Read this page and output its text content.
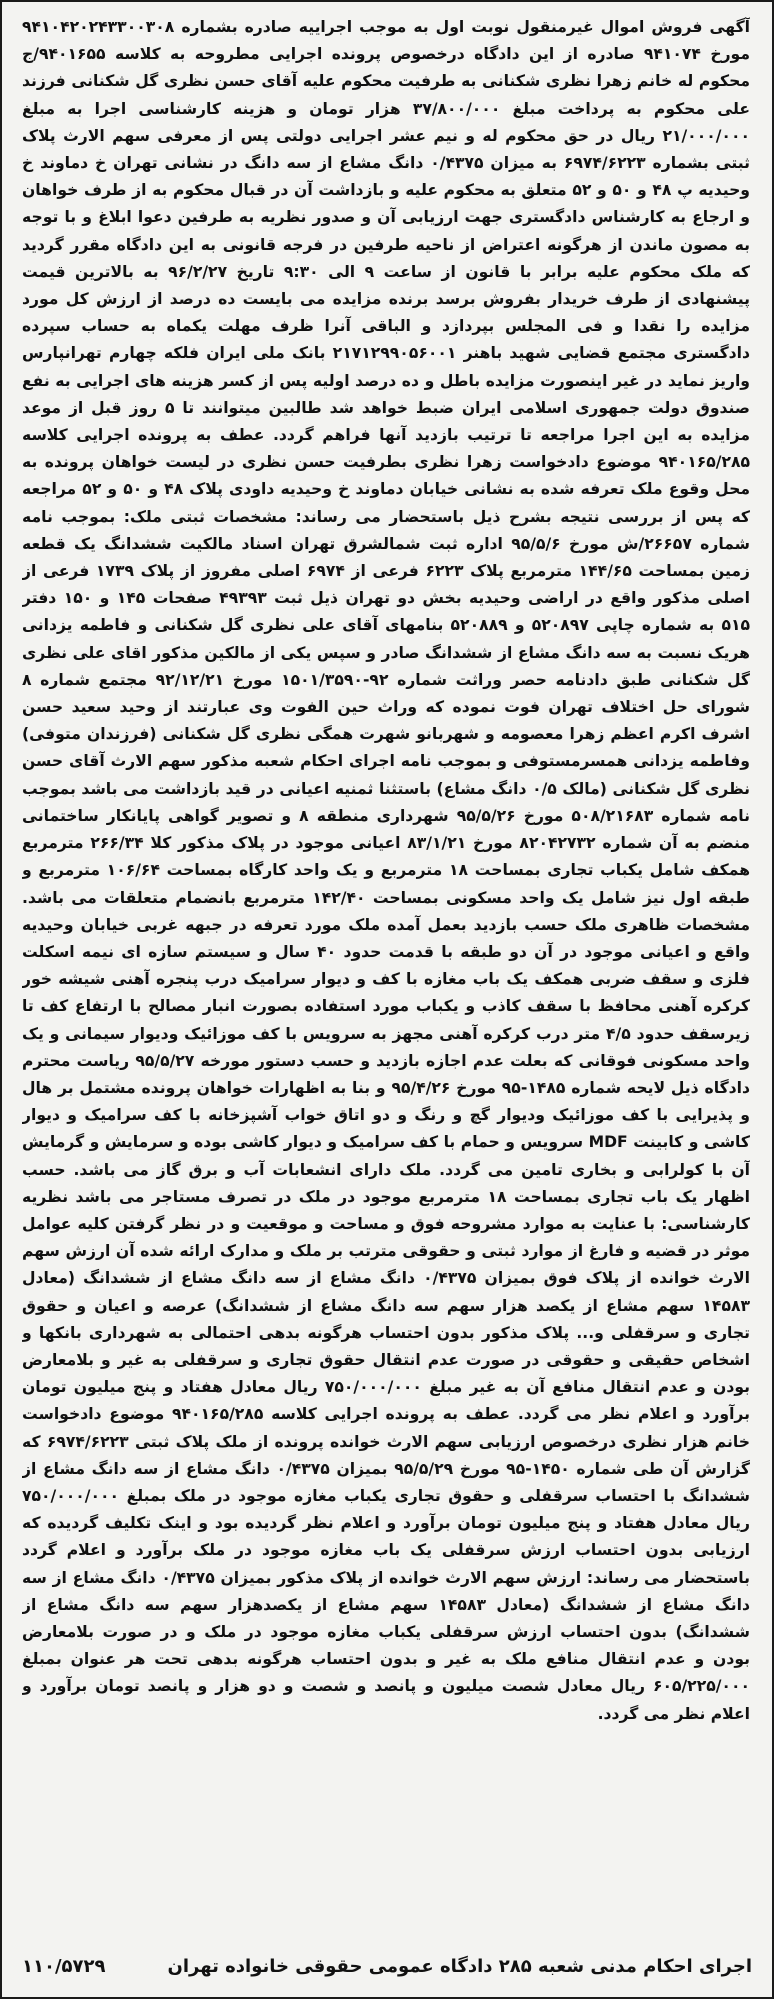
آگهی فروش اموال غیرمنقول نوبت اول به موجب اجراییه صادره بشماره ۹۴۱۰۴۲۰۲۴۳۳۰۰۳۰۸ مورخ ۹۴۱۰۷۴ صادره از این دادگاه درخصوص پرونده اجرایی مطروحه به کلاسه ۹۴۰۱۶۵۵/ج محکوم له خانم زهرا نظری شکنانی به طرفیت محکوم علیه آقای حسن نظری گل شکنانی فرزند علی محکوم به پرداخت مبلغ ۳۷/۸۰۰/۰۰۰ هزار تومان و هزینه کارشناسی اجرا به مبلغ ۲۱/۰۰۰/۰۰۰ ریال در حق محکوم له و نیم عشر اجرایی دولتی پس از معرفی سهم الارث پلاک ثبتی بشماره ۶۹۷۴/۶۲۲۳ به میزان ۰/۴۳۷۵ دانگ مشاع از سه دانگ در نشانی تهران خ دماوند خ وحیدیه پ ۴۸ و ۵۰ و ۵۲ متعلق به محکوم علیه و بازداشت آن در قبال محکوم به از طرف خواهان و ارجاع به کارشناس دادگستری جهت ارزیابی آن و صدور نظریه به طرفین دعوا ابلاغ و با توجه به مصون ماندن از هرگونه اعتراض از ناحیه طرفین در فرجه قانونی به این دادگاه مقرر گردید که ملک محکوم علیه برابر با قانون از ساعت ۹ الی ۹:۳۰ تاریخ ۹۶/۲/۲۷ به بالاترین قیمت پیشنهادی از طرف خریدار بفروش برسد برنده مزایده می بایست ده درصد از ارزش کل مورد مزایده را نقدا و فی المجلس بپردازد و الباقی آنرا ظرف مهلت یکماه به حساب سپرده دادگستری مجتمع قضایی شهید باهنر ۲۱۷۱۲۹۹۰۵۶۰۰۱ بانک ملی ایران فلکه چهارم تهرانپارس واریز نماید در غیر اینصورت مزایده باطل و ده درصد اولیه پس از کسر هزینه های اجرایی به نفع صندوق دولت جمهوری اسلامی ایران ضبط خواهد شد طالبین میتوانند تا ۵ روز قبل از موعد مزایده به این اجرا مراجعه تا ترتیب بازدید آنها فراهم گردد. عطف به پرونده اجرایی کلاسه ۹۴۰۱۶۵/۲۸۵ موضوع دادخواست زهرا نظری بطرفیت حسن نظری در لیست خواهان پرونده به محل وقوع ملک تعرفه شده به نشانی خیابان دماوند خ وحیدیه داودی پلاک ۴۸ و ۵۰ و ۵۲ مراجعه که پس از بررسی نتیجه بشرح ذیل باستحضار می رساند: مشخصات ثبتی ملک: بموجب نامه شماره ۲۶۶۵۷/ش مورخ ۹۵/۵/۶ اداره ثبت شمالشرق تهران اسناد مالکیت ششدانگ یک قطعه زمین بمساحت ۱۴۴/۶۵ مترمربع پلاک ۶۲۲۳ فرعی از ۶۹۷۴ اصلی مفروز از پلاک ۱۷۳۹ فرعی از اصلی مذکور واقع در اراضی وحیدیه بخش دو تهران ذیل ثبت ۴۹۳۹۳ صفحات ۱۴۵ و ۱۵۰ دفتر ۵۱۵ به شماره چاپی ۵۲۰۸۹۷ و ۵۲۰۸۸۹ بنامهای آقای علی نظری گل شکنانی و فاطمه یزدانی هریک نسبت به سه دانگ مشاع از ششدانگ صادر و سپس یکی از مالکین مذکور اقای علی نظری گل شکنانی طبق دادنامه حصر وراثت شماره ۹۲-۱۵۰۱/۳۵۹۰ مورخ ۹۲/۱۲/۲۱ مجتمع شماره ۸ شورای حل اختلاف تهران فوت نموده که وراث حین الفوت وی عبارتند از وحید سعید حسن اشرف اکرم اعظم زهرا معصومه و شهربانو شهرت همگی نظری گل شکنانی (فرزندان متوفی) وفاطمه یزدانی همسرمستوفی و بموجب نامه اجرای احکام شعبه مذکور سهم الارث آقای حسن نظری گل شکنانی (مالک ۰/۵ دانگ مشاع) باستثنا ثمنیه اعیانی در قید بازداشت می باشد بموجب نامه شماره ۵۰۸/۲۱۶۸۳ مورخ ۹۵/۵/۲۶ شهرداری منطقه ۸ و تصویر گواهی پایانکار ساختمانی منضم به آن شماره ۸۲۰۴۲۷۳۲ مورخ ۸۳/۱/۲۱ اعیانی موجود در پلاک مذکور کلا ۲۶۶/۳۴ مترمربع همکف شامل یکباب تجاری بمساحت ۱۸ مترمربع و یک واحد کارگاه بمساحت ۱۰۶/۶۴ مترمربع و طبقه اول نیز شامل یک واحد مسکونی بمساحت ۱۴۲/۴۰ مترمربع بانضمام متعلقات می باشد. مشخصات ظاهری ملک حسب بازدید بعمل آمده ملک مورد تعرفه در جبهه غربی خیابان وحیدیه واقع و اعیانی موجود در آن دو طبقه با قدمت حدود ۴۰ سال و سیستم سازه ای نیمه اسکلت فلزی و سقف ضربی همکف یک باب مغازه با کف و دیوار سرامیک درب پنجره آهنی شیشه خور کرکره آهنی محافظ با سقف کاذب و یکباب مورد استفاده بصورت انبار مصالح با ارتفاع کف تا زیرسقف حدود ۴/۵ متر درب کرکره آهنی مجهز به سرویس با کف موزائیک ودیوار سیمانی و یک واحد مسکونی فوقانی که بعلت عدم اجازه بازدید و حسب دستور مورخه ۹۵/۵/۲۷ ریاست محترم دادگاه ذیل لایحه شماره ۱۴۸۵-۹۵ مورخ ۹۵/۴/۲۶ و بنا به اظهارات خواهان پرونده مشتمل بر هال و پذیرایی با کف موزائیک ودیوار گچ و رنگ و دو اتاق خواب آشپزخانه با کف سرامیک و دیوار کاشی و کابینت MDF سرویس و حمام با کف سرامیک و دیوار کاشی بوده و سرمایش و گرمایش آن با کولرابی و بخاری تامین می گردد. ملک دارای انشعابات آب و برق گاز می باشد. حسب اظهار یک باب تجاری بمساحت ۱۸ مترمربع موجود در ملک در تصرف مستاجر می باشد نظریه کارشناسی: با عنایت به موارد مشروحه فوق و مساحت و موقعیت و در نظر گرفتن کلیه عوامل موثر در قضیه و فارغ از موارد ثبتی و حقوقی مترتب بر ملک و مدارک ارائه شده آن ارزش سهم الارث خوانده از پلاک فوق بمیزان ۰/۴۳۷۵ دانگ مشاع از سه دانگ مشاع از ششدانگ (معادل ۱۴۵۸۳ سهم مشاع از یکصد هزار سهم سه دانگ مشاع از ششدانگ) عرصه و اعیان و حقوق تجاری و سرقفلی و... پلاک مذکور بدون احتساب هرگونه بدهی احتمالی به شهرداری بانکها و اشخاص حقیقی و حقوقی در صورت عدم انتقال حقوق تجاری و سرقفلی به غیر و بلامعارض بودن و عدم انتقال منافع آن به غیر مبلغ ۷۵۰/۰۰۰/۰۰۰ ریال معادل هفتاد و پنج میلیون تومان برآورد و اعلام نظر می گردد. عطف به پرونده اجرایی کلاسه ۹۴۰۱۶۵/۲۸۵ موضوع دادخواست خانم هزار نظری درخصوص ارزیابی سهم الارث خوانده پرونده از ملک پلاک ثبتی ۶۹۷۴/۶۲۲۳ که گزارش آن طی شماره ۱۴۵۰-۹۵ مورخ ۹۵/۵/۲۹ بمیزان ۰/۴۳۷۵ دانگ مشاع از سه دانگ مشاع از ششدانگ با احتساب سرقفلی و حقوق تجاری یکباب مغازه موجود در ملک بمبلغ ۷۵۰/۰۰۰/۰۰۰ ریال معادل هفتاد و پنج میلیون تومان برآورد و اعلام نظر گردیده بود و اینک تکلیف گردیده که ارزیابی بدون احتساب ارزش سرقفلی یک باب مغازه موجود در ملک برآورد و اعلام گردد باستحضار می رساند: ارزش سهم الارث خوانده از پلاک مذکور بمیزان ۰/۴۳۷۵ دانگ مشاع از سه دانگ مشاع از ششدانگ (معادل ۱۴۵۸۳ سهم مشاع از یکصدهزار سهم سه دانگ مشاع از ششدانگ) بدون احتساب ارزش سرقفلی یکباب مغازه موجود در ملک و در صورت بلامعارض بودن و عدم انتقال منافع ملک به غیر و بدون احتساب هرگونه بدهی تحت هر عنوان بمبلغ ۶۰۵/۲۲۵/۰۰۰ ریال معادل شصت میلیون و پانصد و شصت و دو هزار و پانصد تومان برآورد و اعلام نظر می گردد.

اجرای احکام مدنی شعبه ۲۸۵ دادگاه عمومی حقوقی خانواده تهران
۱۱۰/۵۷۲۹
